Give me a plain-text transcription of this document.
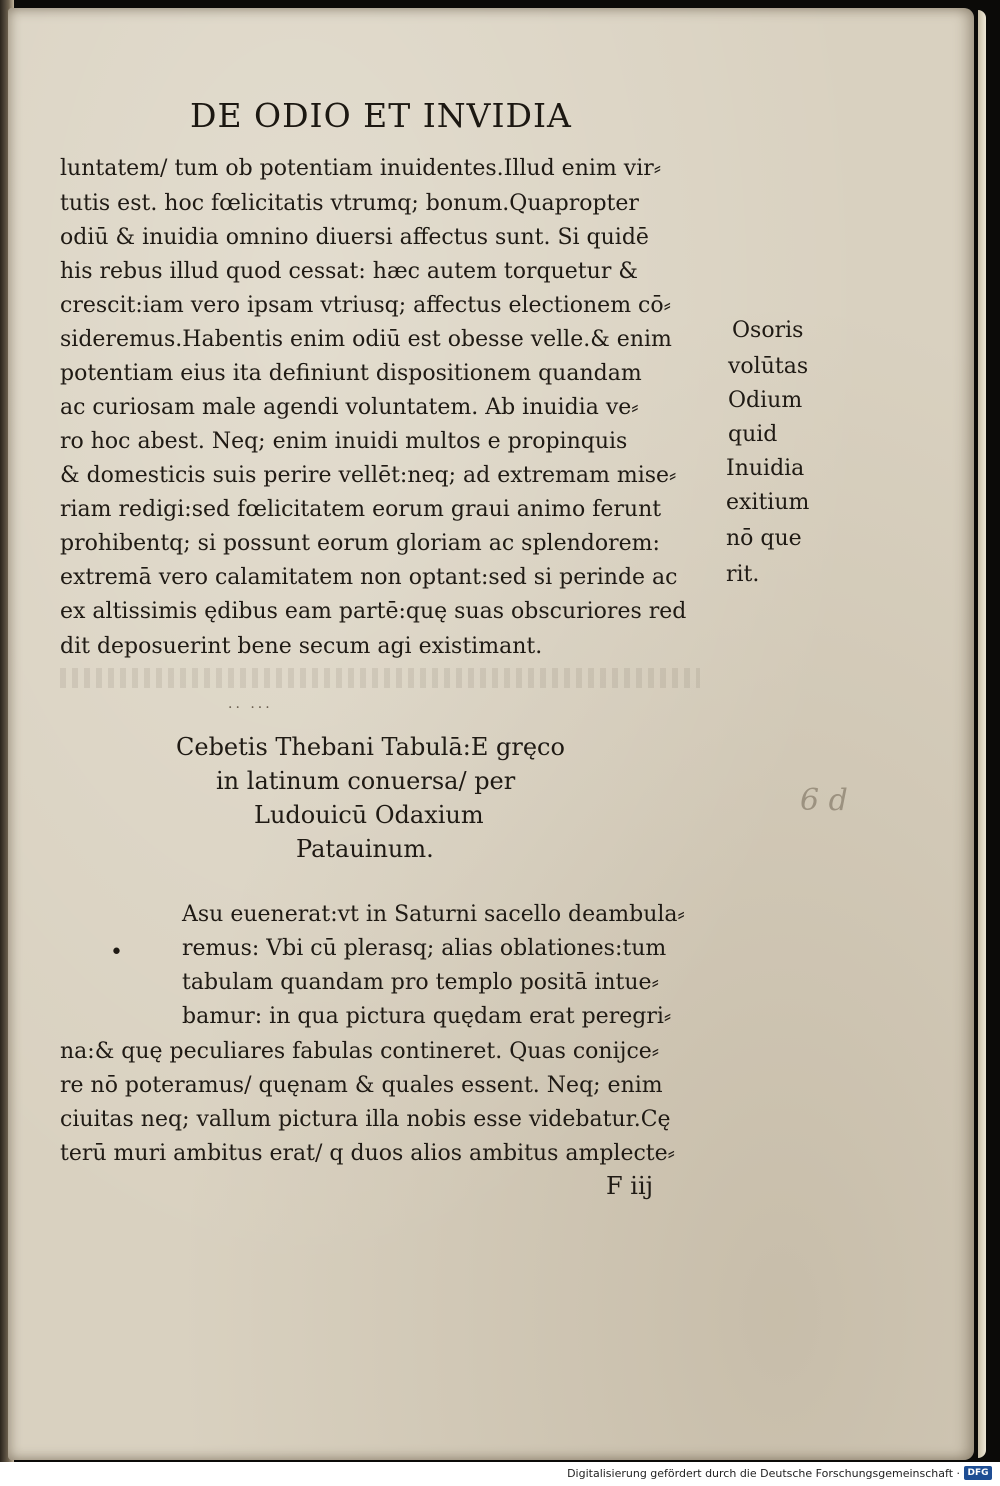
DE ODIO ET INVIDIA
luntatem/ tum ob potentiam inuidentes.Illud enim vir⸗
tutis est. hoc fœlicitatis vtrumq; bonum.Quapropter
odiū & inuidia omnino diuersi affectus sunt. Si quidē
his rebus illud quod cessat: hæc autem torquetur &
crescit:iam vero ipsam vtriusq; affectus electionem cō⸗
sideremus.Habentis enim odiū est obesse velle.& enim
potentiam eius ita definiunt dispositionem quandam
ac curiosam male agendi voluntatem. Ab inuidia ve⸗
ro hoc abest. Neq; enim inuidi multos e propinquis
& domesticis suis perire vellēt:neq; ad extremam mise⸗
riam redigi:sed fœlicitatem eorum graui animo ferunt
prohibentq; si possunt eorum gloriam ac splendorem:
extremā vero calamitatem non optant:sed si perinde ac
ex altissimis ędibus eam partē:quę suas obscuriores red
dit deposuerint bene secum agi existimant.
Osoris
volūtas
Odium
quid
Inuidia
exitium
nō que
rit.
·· ···
Cebetis Thebani Tabulā:E gręco
in latinum conuersa/ per
Ludouicū Odaxium
Patauinum.
6 d
•
Asu euenerat:vt in Saturni sacello deambula⸗
remus: Vbi cū plerasq; alias oblationes:tum
tabulam quandam pro templo positā intue⸗
bamur: in qua pictura quędam erat peregri⸗
na:& quę peculiares fabulas contineret. Quas conijce⸗
re nō poteramus/ quęnam & quales essent. Neq; enim
ciuitas neq; vallum pictura illa nobis esse videbatur.Cę
terū muri ambitus erat/ q duos alios ambitus amplecte⸗
F iij
Digitalisierung gefördert durch die Deutsche Forschungsgemeinschaft · DFG
